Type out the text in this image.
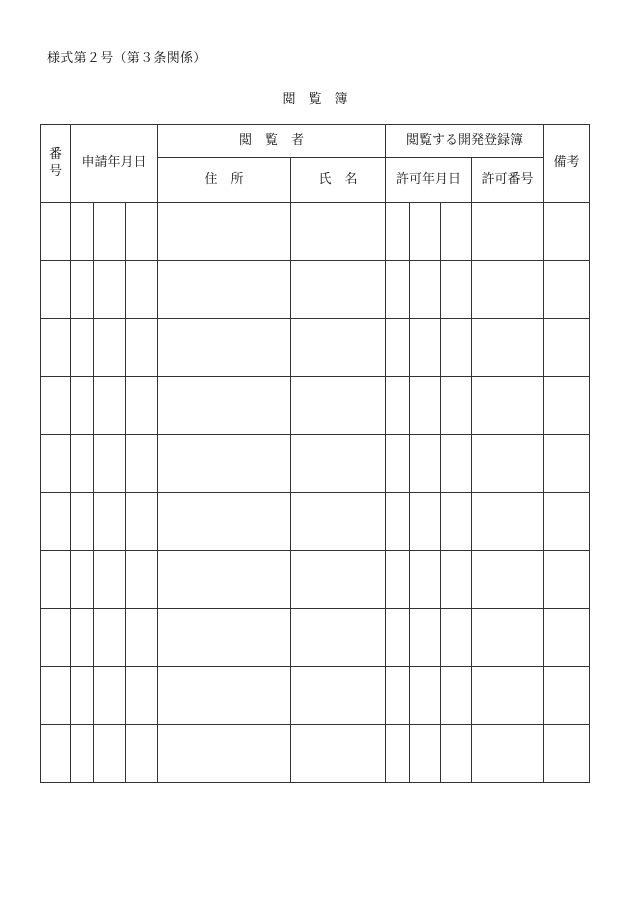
様式第２号（第３条関係）
閲　覧　簿
番
号	申請年月日			閲　覧　者		閲覧する開発登録簿				備考
				住　所	氏　名	許可年月日			許可番号	
